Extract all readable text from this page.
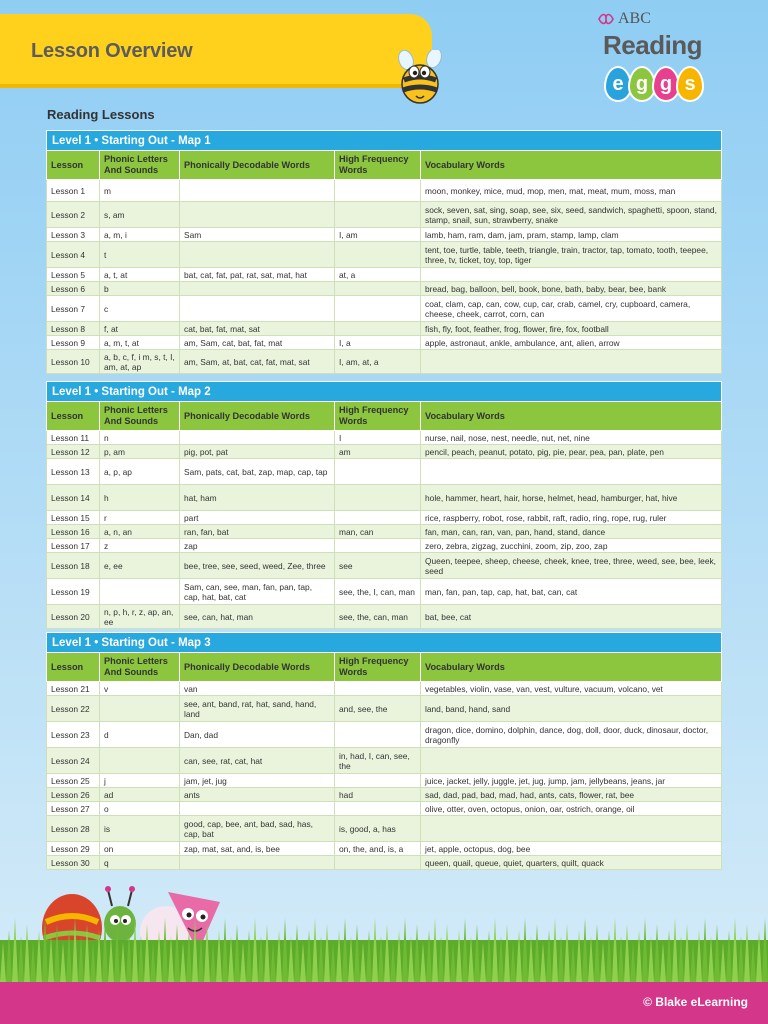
Lesson Overview
ABC
Reading
e g g s
Reading Lessons
Level 1 • Starting Out - Map 1
Lesson	Phonic Letters And Sounds	Phonically Decodable Words	High Frequency Words	Vocabulary Words
Lesson 1	m			moon, monkey, mice, mud, mop, men, mat, meat, mum, moss, man
Lesson 2	s, am			sock, seven, sat, sing, soap, see, six, seed, sandwich, spaghetti, spoon, stand, stamp, snail, sun, strawberry, snake
Lesson 3	a, m, i	Sam	I, am	lamb, ham, ram, dam, jam, pram, stamp, lamp, clam
Lesson 4	t			tent, toe, turtle, table, teeth, triangle, train, tractor, tap, tomato, tooth, teepee, three, tv, ticket, toy, top, tiger
Lesson 5	a, t, at	bat, cat, fat, pat, rat, sat, mat, hat	at, a	
Lesson 6	b			bread, bag, balloon, bell, book, bone, bath, baby, bear, bee, bank
Lesson 7	c			coat, clam, cap, can, cow, cup, car, crab, camel, cry, cupboard, camera, cheese, cheek, carrot, corn, can
Lesson 8	f, at	cat, bat, fat, mat, sat		fish, fly, foot, feather, frog, flower, fire, fox, football
Lesson 9	a, m, t, at	am, Sam, cat, bat, fat, mat	I, a	apple, astronaut, ankle, ambulance, ant, alien, arrow
Lesson 10	a, b, c, f, i m, s, t, I, am, at, ap	am, Sam, at, bat, cat, fat, mat, sat	I, am, at, a	
Level 1 • Starting Out - Map 2
Lesson	Phonic Letters And Sounds	Phonically Decodable Words	High Frequency Words	Vocabulary Words
Lesson 11	n		I	nurse, nail, nose, nest, needle, nut, net, nine
Lesson 12	p, am	pig, pot, pat	am	pencil, peach, peanut, potato, pig, pie, pear, pea, pan, plate, pen
Lesson 13	a, p, ap	Sam, pats, cat, bat, zap, map, cap, tap		
Lesson 14	h	hat, ham		hole, hammer, heart, hair, horse, helmet, head, hamburger, hat, hive
Lesson 15	r	part		rice, raspberry, robot, rose, rabbit, raft, radio, ring, rope, rug, ruler
Lesson 16	a, n, an	ran, fan, bat	man, can	fan, man, can, ran, van, pan, hand, stand, dance
Lesson 17	z	zap		zero, zebra, zigzag, zucchini, zoom, zip, zoo, zap
Lesson 18	e, ee	bee, tree, see, seed, weed, Zee, three	see	Queen, teepee, sheep, cheese, cheek, knee, tree, three, weed, see, bee, leek, seed
Lesson 19		Sam, can, see, man, fan, pan, tap, cap, hat, bat, cat	see, the, I, can, man	man, fan, pan, tap, cap, hat, bat, can, cat
Lesson 20	n, p, h, r, z, ap, an, ee	see, can, hat, man	see, the, can, man	bat, bee, cat
Level 1 • Starting Out - Map 3
Lesson	Phonic Letters And Sounds	Phonically Decodable Words	High Frequency Words	Vocabulary Words
Lesson 21	v	van		vegetables, violin, vase, van, vest, vulture, vacuum, volcano, vet
Lesson 22		see, ant, band, rat, hat, sand, hand, land	and, see, the	land, band, hand, sand
Lesson 23	d	Dan, dad		dragon, dice, domino, dolphin, dance, dog, doll, door, duck, dinosaur, doctor, dragonfly
Lesson 24		can, see, rat, cat, hat	in, had, I, can, see, the	
Lesson 25	j	jam, jet, jug		juice, jacket, jelly, juggle, jet, jug, jump, jam, jellybeans, jeans, jar
Lesson 26	ad	ants	had	sad, dad, pad, bad, mad, had, ants, cats, flower, rat, bee
Lesson 27	o			olive, otter, oven, octopus, onion, oar, ostrich, orange, oil
Lesson 28	is	good, cap, bee, ant, bad, sad, has, cap, bat	is, good, a, has	
Lesson 29	on	zap, mat, sat, and, is, bee	on, the, and, is, a	jet, apple, octopus, dog, bee
Lesson 30	q			queen, quail, queue, quiet, quarters, quilt, quack
© Blake eLearning
